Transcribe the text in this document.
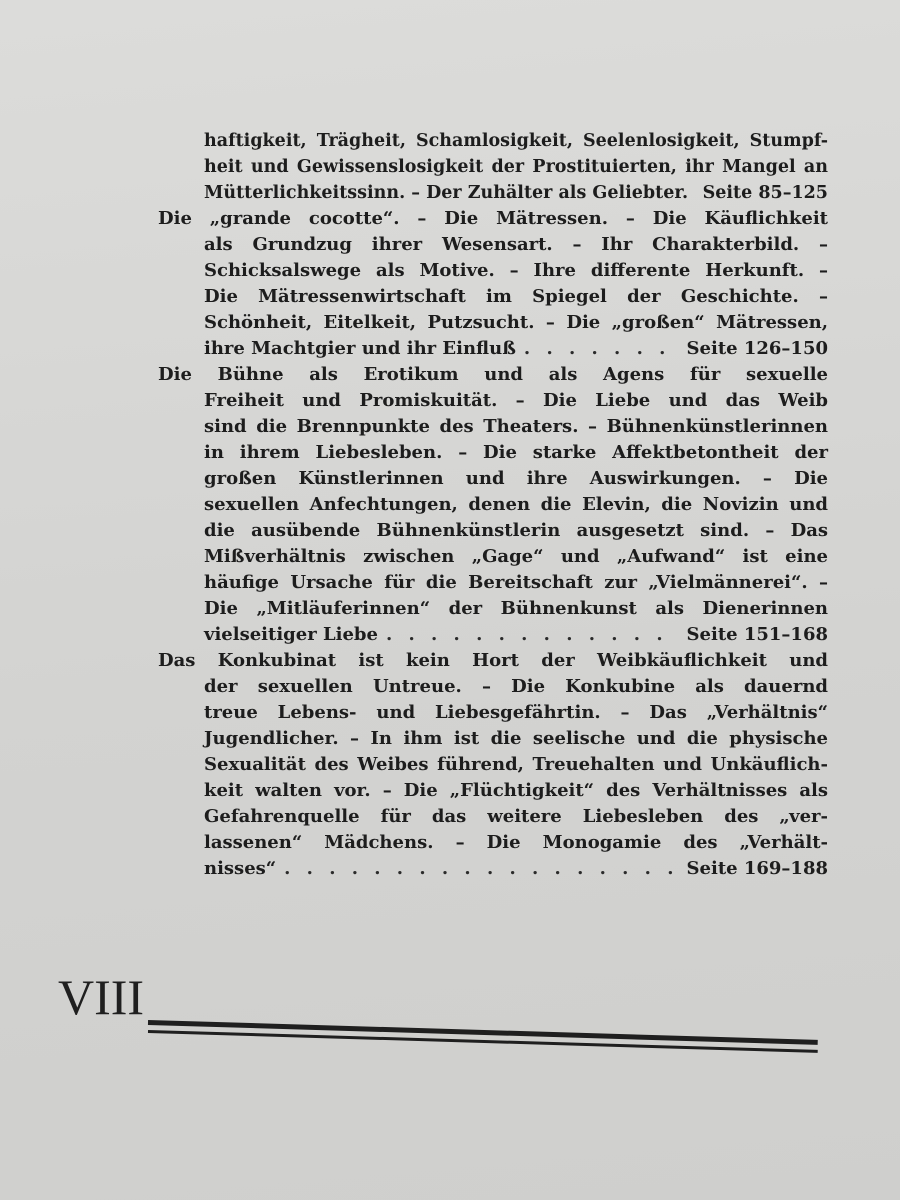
haftigkeit, Trägheit, Schamlosigkeit, Seelenlosigkeit, Stumpf-
heit und Gewissenslosigkeit der Prostituierten, ihr Mangel an
Mütterlichkeitssinn. – Der Zuhälter als Geliebter. Seite 85–125
Die „grande cocotte“. – Die Mätressen. – Die Käuflichkeit
als Grundzug ihrer Wesensart. – Ihr Charakterbild. –
Schicksalswege als Motive. – Ihre differente Herkunft. –
Die Mätressenwirtschaft im Spiegel der Geschichte. –
Schönheit, Eitelkeit, Putzsucht. – Die „großen“ Mätressen,
ihre Machtgier und ihr Einfluß . . .	Seite 126–150
Die Bühne als Erotikum und als Agens für sexuelle
Freiheit und Promiskuität. – Die Liebe und das Weib
sind die Brennpunkte des Theaters. – Bühnenkünstlerinnen
in ihrem Liebesleben. – Die starke Affektbetontheit der
großen Künstlerinnen und ihre Auswirkungen. – Die
sexuellen Anfechtungen, denen die Elevin, die Novizin und
die ausübende Bühnenkünstlerin ausgesetzt sind. – Das
Mißverhältnis zwischen „Gage“ und „Aufwand“ ist eine
häufige Ursache für die Bereitschaft zur „Vielmännerei“. –
Die „Mitläuferinnen“ der Bühnenkunst als Dienerinnen
vielseitiger Liebe . . .	Seite 151–168
Das Konkubinat ist kein Hort der Weibkäuflichkeit und
der sexuellen Untreue. – Die Konkubine als dauernd
treue Lebens- und Liebesgefährtin. – Das „Verhältnis“
Jugendlicher. – In ihm ist die seelische und die physische
Sexualität des Weibes führend, Treuehalten und Unkäuflich-
keit walten vor. – Die „Flüchtigkeit“ des Verhältnisses als
Gefahrenquelle für das weitere Liebesleben des „ver-
lassenen“ Mädchens. – Die Monogamie des „Verhält-
nisses“ . . .	Seite 169–188
VIII
